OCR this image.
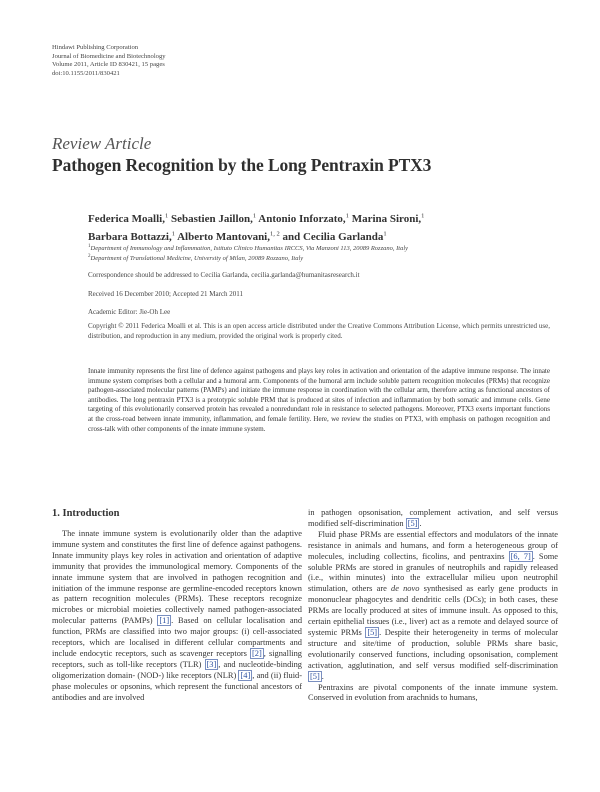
Hindawi Publishing Corporation
Journal of Biomedicine and Biotechnology
Volume 2011, Article ID 830421, 15 pages
doi:10.1155/2011/830421
Review Article
Pathogen Recognition by the Long Pentraxin PTX3
Federica Moalli,$^1$ Sebastien Jaillon,$^1$ Antonio Inforzato,$^1$ Marina Sironi,$^1$
Barbara Bottazzi,$^1$ Alberto Mantovani,$^{1, 2}$ and Cecilia Garlanda$^1$
$^1$Department of Immunology and Inflammation, Istituto Clinico Humanitas IRCCS, Via Manzoni 113, 20089 Rozzano, Italy
$^2$Department of Translational Medicine, University of Milan, 20089 Rozzano, Italy
Correspondence should be addressed to Cecilia Garlanda, cecilia.garlanda@humanitasresearch.it
Received 16 December 2010; Accepted 21 March 2011
Academic Editor: Jie-Oh Lee
Copyright © 2011 Federica Moalli et al. This is an open access article distributed under the Creative Commons Attribution License, which permits unrestricted use, distribution, and reproduction in any medium, provided the original work is properly cited.
Innate immunity represents the first line of defence against pathogens and plays key roles in activation and orientation of the adaptive immune response. The innate immune system comprises both a cellular and a humoral arm. Components of the humoral arm include soluble pattern recognition molecules (PRMs) that recognize pathogen-associated molecular patterns (PAMPs) and initiate the immune response in coordination with the cellular arm, therefore acting as functional ancestors of antibodies. The long pentraxin PTX3 is a prototypic soluble PRM that is produced at sites of infection and inflammation by both somatic and immune cells. Gene targeting of this evolutionarily conserved protein has revealed a nonredundant role in resistance to selected pathogens. Moreover, PTX3 exerts important functions at the cross-road between innate immunity, inflammation, and female fertility. Here, we review the studies on PTX3, with emphasis on pathogen recognition and cross-talk with other components of the innate immune system.
1. Introduction

The innate immune system is evolutionarily older than the adaptive immune system and constitutes the first line of defence against pathogens. Innate immunity plays key roles in activation and orientation of adaptive immunity that provides the immunological memory. Components of the innate immune system that are involved in pathogen recognition and initiation of the immune response are germline-encoded receptors known as pattern recognition molecules (PRMs). These receptors recognize microbes or microbial moieties collectively named pathogen-associated molecular patterns (PAMPs) [1] . Based on cellular localisation and function, PRMs are classified into two major groups: (i) cell-associated receptors, which are localised in different cellular compartments and include endocytic receptors, such as scavenger receptors [2] , signalling receptors, such as toll-like receptors (TLR) [3] , and nucleotide-binding oligomerization domain- (NOD-) like receptors (NLR) [4] , and (ii) fluid-phase molecules or opsonins, which represent the functional ancestors of antibodies and are involved

in pathogen opsonisation, complement activation, and self versus modified self-discrimination [5] .

Fluid phase PRMs are essential effectors and modulators of the innate resistance in animals and humans, and form a heterogeneous group of molecules, including collectins, ficolins, and pentraxins [6, 7] . Some soluble PRMs are stored in granules of neutrophils and rapidly released (i.e., within minutes) into the extracellular milieu upon neutrophil stimulation, others are de novo synthesised as early gene products in mononuclear phagocytes and dendritic cells (DCs); in both cases, these PRMs are locally produced at sites of immune insult. As opposed to this, certain epithelial tissues (i.e., liver) act as a remote and delayed source of systemic PRMs [5] . Despite their heterogeneity in terms of molecular structure and site/time of production, soluble PRMs share basic, evolutionarily conserved functions, including opsonisation, complement activation, agglutination, and self versus modified self-discrimination [5] .

Pentraxins are pivotal components of the innate immune system. Conserved in evolution from arachnids to humans,
